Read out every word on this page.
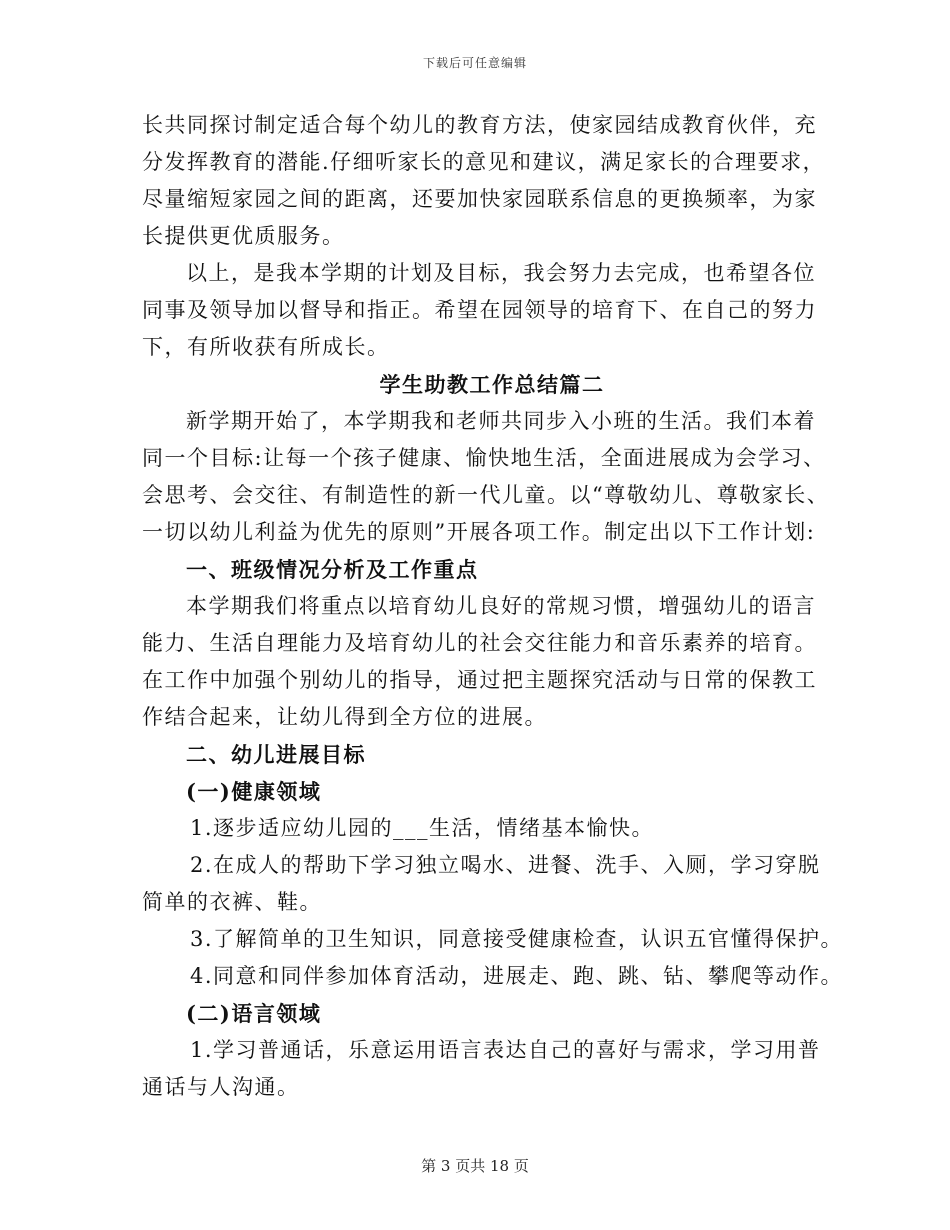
下载后可任意编辑
长共同探讨制定适合每个幼儿的教育方法，使家园结成教育伙伴，充
分发挥教育的潜能.仔细听家长的意见和建议，满足家长的合理要求，
尽量缩短家园之间的距离，还要加快家园联系信息的更换频率，为家
长提供更优质服务。
以上，是我本学期的计划及目标，我会努力去完成，也希望各位
同事及领导加以督导和指正。希望在园领导的培育下、在自己的努力
下，有所收获有所成长。
学生助教工作总结篇二
新学期开始了，本学期我和老师共同步入小班的生活。我们本着
同一个目标:让每一个孩子健康、愉快地生活，全面进展成为会学习、
会思考、会交往、有制造性的新一代儿童。以“尊敬幼儿、尊敬家长、
一切以幼儿利益为优先的原则”开展各项工作。制定出以下工作计划:
一、班级情况分析及工作重点
本学期我们将重点以培育幼儿良好的常规习惯，增强幼儿的语言
能力、生活自理能力及培育幼儿的社会交往能力和音乐素养的培育。
在工作中加强个别幼儿的指导，通过把主题探究活动与日常的保教工
作结合起来，让幼儿得到全方位的进展。
二、幼儿进展目标
(一)健康领域
1.逐步适应幼儿园的___生活，情绪基本愉快。
2.在成人的帮助下学习独立喝水、进餐、洗手、入厕，学习穿脱
简单的衣裤、鞋。
3.了解简单的卫生知识，同意接受健康检查，认识五官懂得保护。
4.同意和同伴参加体育活动，进展走、跑、跳、钻、攀爬等动作。
(二)语言领域
1.学习普通话，乐意运用语言表达自己的喜好与需求，学习用普
通话与人沟通。
第 3 页共 18 页
